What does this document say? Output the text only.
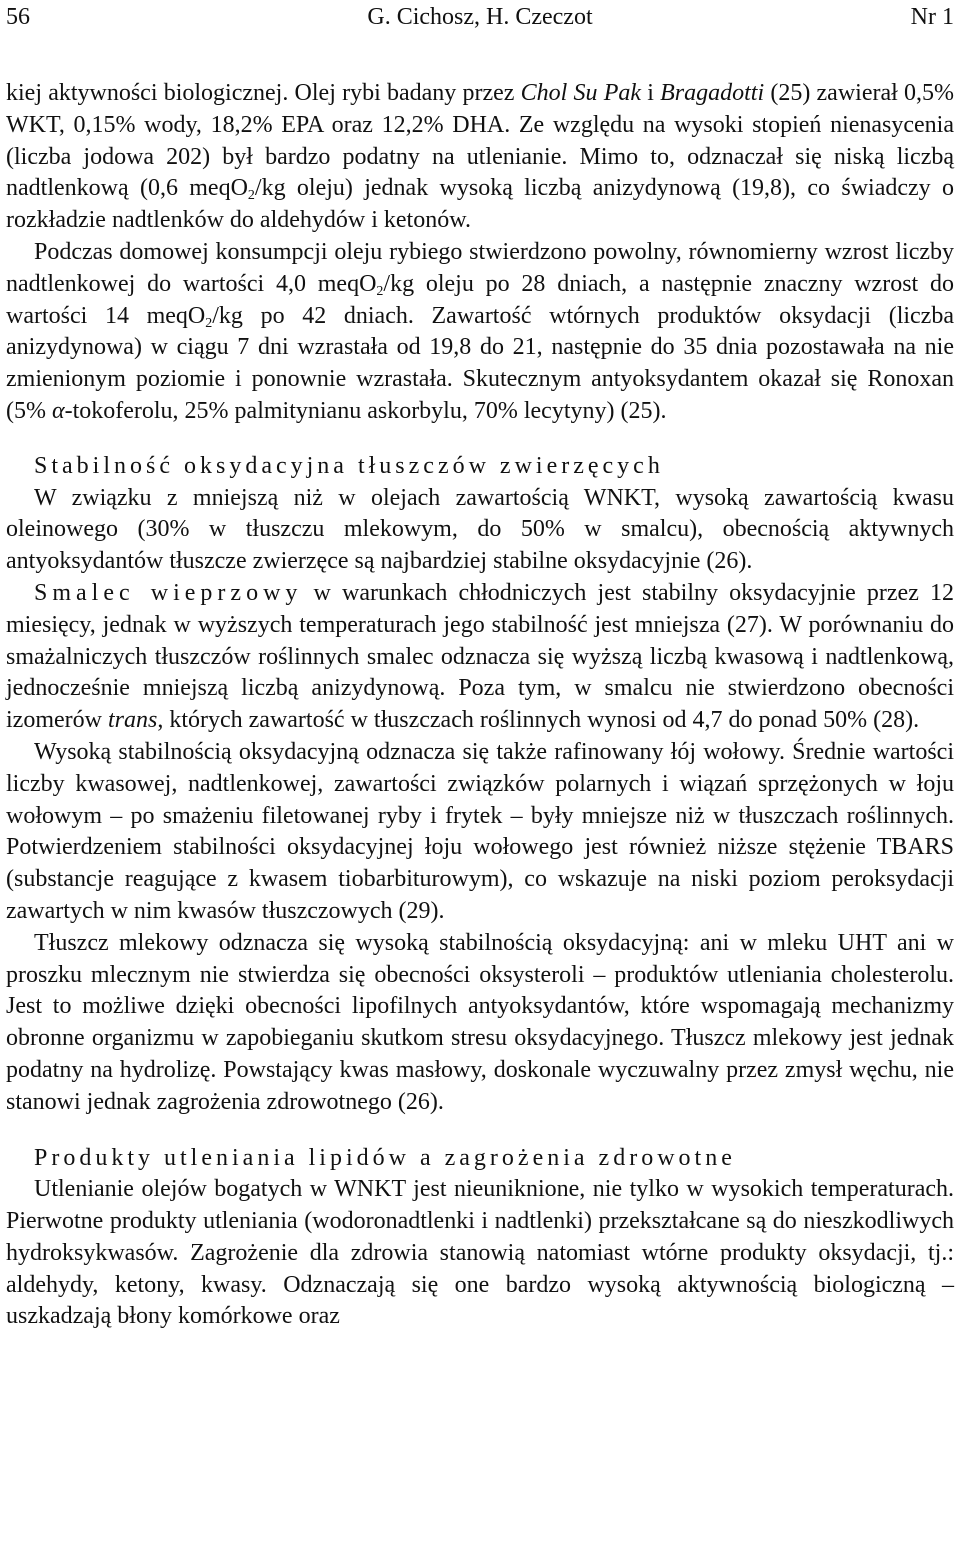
G. Cichosz, H. Czeczot
56	Nr 1

kiej aktywności biologicznej. Olej rybi badany przez Chol Su Pak i Bragadotti (25) zawierał 0,5% WKT, 0,15% wody, 18,2% EPA oraz 12,2% DHA. Ze względu na wysoki stopień nienasycenia (liczba jodowa 202) był bardzo podatny na utlenianie. Mimo to, odznaczał się niską liczbą nadtlenkową (0,6 meqO$_2$/kg oleju) jednak wysoką liczbą anizydynową (19,8), co świadczy o rozkładzie nadtlenków do aldehydów i ketonów.

Podczas domowej konsumpcji oleju rybiego stwierdzono powolny, równomierny wzrost liczby nadtlenkowej do wartości 4,0 meqO$_2$/kg oleju po 28 dniach, a następnie znaczny wzrost do wartości 14 meqO$_2$/kg po 42 dniach. Zawartość wtórnych produktów oksydacji (liczba anizydynowa) w ciągu 7 dni wzrastała od 19,8 do 21, następnie do 35 dnia pozostawała na nie zmienionym poziomie i ponownie wzrastała. Skutecznym antyoksydantem okazał się Ronoxan (5% α-tokoferolu, 25% palmitynianu askorbylu, 70% lecytyny) (25).

Stabilność oksydacyjna tłuszczów zwierzęcych

W związku z mniejszą niż w olejach zawartością WNKT, wysoką zawartością kwasu oleinowego (30% w tłuszczu mlekowym, do 50% w smalcu), obecnością aktywnych antyoksydantów tłuszcze zwierzęce są najbardziej stabilne oksydacyjnie (26).

Smalec wieprzowy w warunkach chłodniczych jest stabilny oksydacyjnie przez 12 miesięcy, jednak w wyższych temperaturach jego stabilność jest mniejsza (27). W porównaniu do smażalniczych tłuszczów roślinnych smalec odznacza się wyższą liczbą kwasową i nadtlenkową, jednocześnie mniejszą liczbą anizydynową. Poza tym, w smalcu nie stwierdzono obecności izomerów trans, których zawartość w tłuszczach roślinnych wynosi od 4,7 do ponad 50% (28).

Wysoką stabilnością oksydacyjną odznacza się także rafinowany łój wołowy. Średnie wartości liczby kwasowej, nadtlenkowej, zawartości związków polarnych i wiązań sprzężonych w łoju wołowym – po smażeniu filetowanej ryby i frytek – były mniejsze niż w tłuszczach roślinnych. Potwierdzeniem stabilności oksydacyjnej łoju wołowego jest również niższe stężenie TBARS (substancje reagujące z kwasem tiobarbiturowym), co wskazuje na niski poziom peroksydacji zawartych w nim kwasów tłuszczowych (29).

Tłuszcz mlekowy odznacza się wysoką stabilnością oksydacyjną: ani w mleku UHT ani w proszku mlecznym nie stwierdza się obecności oksysteroli – produktów utleniania cholesterolu. Jest to możliwe dzięki obecności lipofilnych antyoksydantów, które wspomagają mechanizmy obronne organizmu w zapobieganiu skutkom stresu oksydacyjnego. Tłuszcz mlekowy jest jednak podatny na hydrolizę. Powstający kwas masłowy, doskonale wyczuwalny przez zmysł węchu, nie stanowi jednak zagrożenia zdrowotnego (26).

Produkty utleniania lipidów a zagrożenia zdrowotne

Utlenianie olejów bogatych w WNKT jest nieuniknione, nie tylko w wysokich temperaturach. Pierwotne produkty utleniania (wodoronadtlenki i nadtlenki) przekształcane są do nieszkodliwych hydroksykwasów. Zagrożenie dla zdrowia stanowią natomiast wtórne produkty oksydacji, tj.: aldehydy, ketony, kwasy. Odznaczają się one bardzo wysoką aktywnością biologiczną – uszkadzają błony komórkowe oraz
